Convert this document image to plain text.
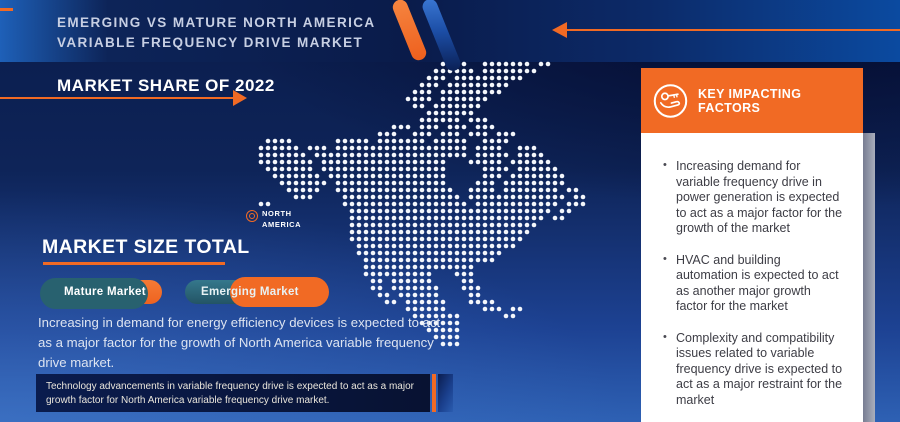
EMERGING VS MATURE NORTH AMERICA
VARIABLE FREQUENCY DRIVE MARKET
MARKET SHARE OF 2022
NORTH
AMERICA
MARKET SIZE TOTAL
Mature Market	Emerging Market
Increasing in demand for energy efficiency devices is expected to act as a major factor for the growth of North America variable frequency drive market.
Technology advancements in variable frequency drive is expected to act as a major growth factor for North America variable frequency drive market.
KEY IMPACTING FACTORS
• Increasing demand for variable frequency drive in power generation is expected to act as a major factor for the growth of the market
• HVAC and building automation is expected to act as another major growth factor for the market
• Complexity and compatibility issues related to variable frequency drive is expected to act as a major restraint for the market
